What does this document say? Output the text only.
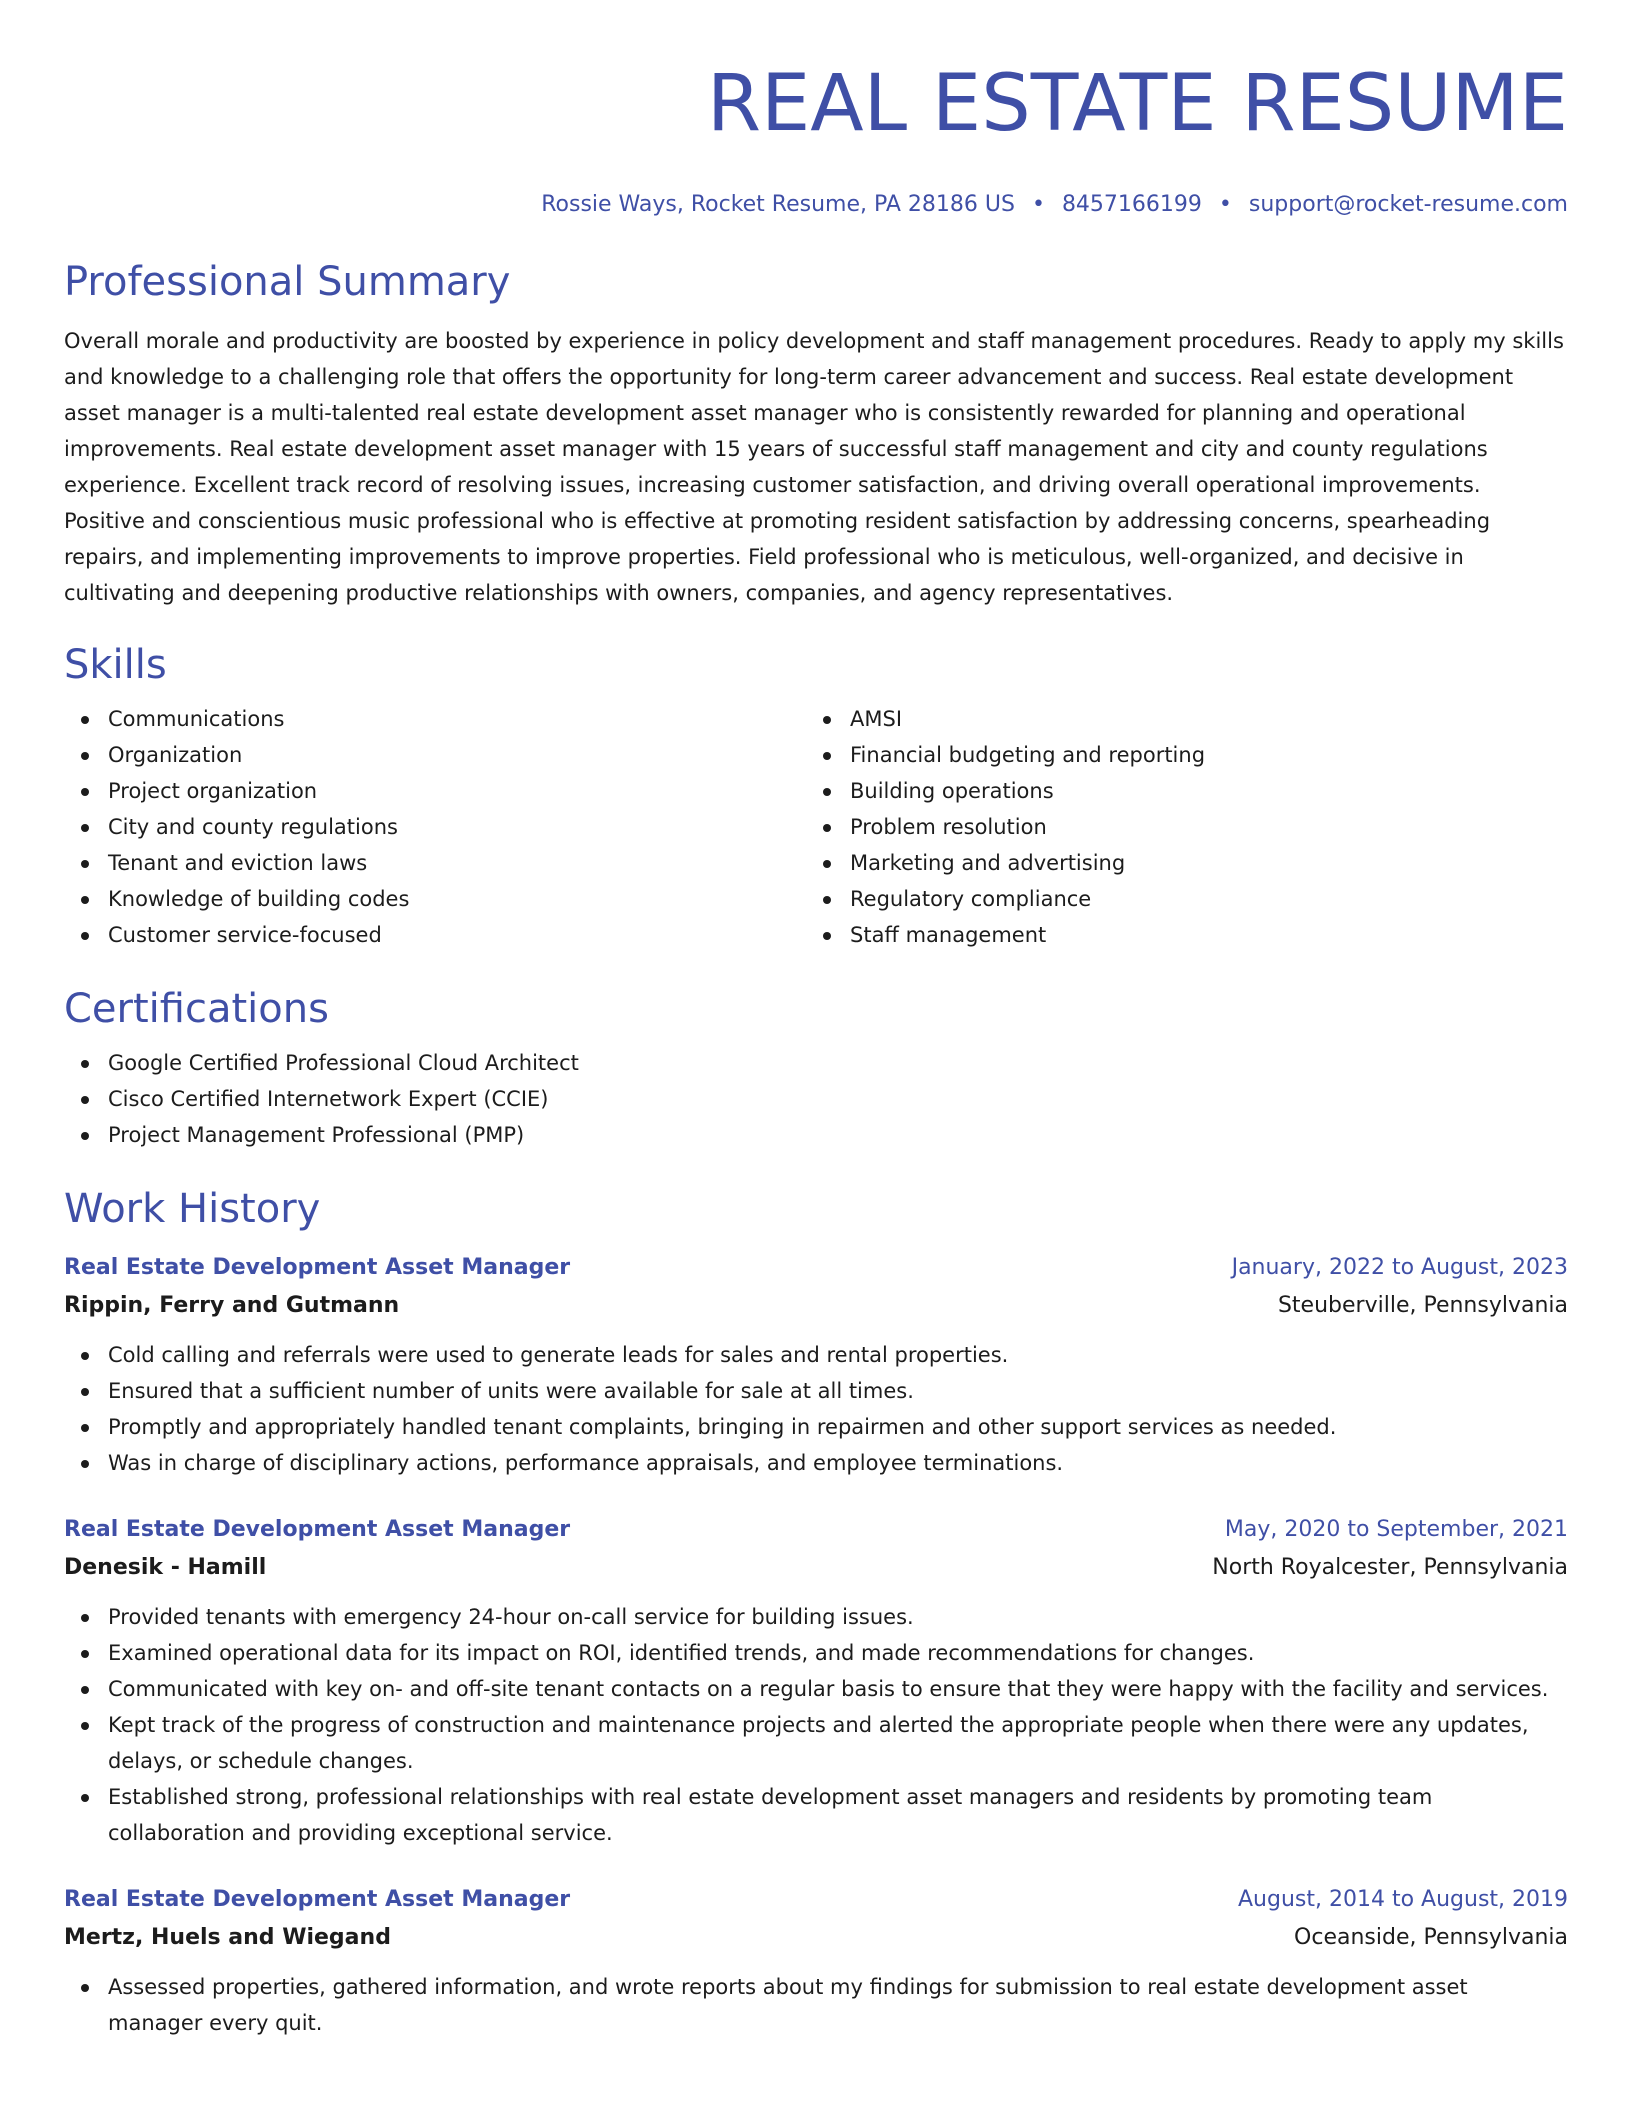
REAL ESTATE RESUME
Rossie Ways, Rocket Resume, PA 28186 US • 8457166199 • support@rocket-resume.com
Professional Summary

Overall morale and productivity are boosted by experience in policy development and staff management procedures. Ready to apply my skills and knowledge to a challenging role that offers the opportunity for long-term career advancement and success. Real estate development asset manager is a multi-talented real estate development asset manager who is consistently rewarded for planning and operational improvements. Real estate development asset manager with 15 years of successful staff management and city and county regulations experience. Excellent track record of resolving issues, increasing customer satisfaction, and driving overall operational improvements. Positive and conscientious music professional who is effective at promoting resident satisfaction by addressing concerns, spearheading repairs, and implementing improvements to improve properties. Field professional who is meticulous, well-organized, and decisive in cultivating and deepening productive relationships with owners, companies, and agency representatives.

Skills
Communications
Organization
Project organization
City and county regulations
Tenant and eviction laws
Knowledge of building codes
Customer service-focused
AMSI
Financial budgeting and reporting
Building operations
Problem resolution
Marketing and advertising
Regulatory compliance
Staff management
Certifications
Google Certified Professional Cloud Architect
Cisco Certified Internetwork Expert (CCIE)
Project Management Professional (PMP)
Work History
Real Estate Development Asset Manager	January, 2022 to August, 2023
Rippin, Ferry and Gutmann	Steuberville, Pennsylvania
Cold calling and referrals were used to generate leads for sales and rental properties.
Ensured that a sufficient number of units were available for sale at all times.
Promptly and appropriately handled tenant complaints, bringing in repairmen and other support services as needed.
Was in charge of disciplinary actions, performance appraisals, and employee terminations.
Real Estate Development Asset Manager	May, 2020 to September, 2021
Denesik - Hamill	North Royalcester, Pennsylvania
Provided tenants with emergency 24-hour on-call service for building issues.
Examined operational data for its impact on ROI, identified trends, and made recommendations for changes.
Communicated with key on- and off-site tenant contacts on a regular basis to ensure that they were happy with the facility and services.
Kept track of the progress of construction and maintenance projects and alerted the appropriate people when there were any updates, delays, or schedule changes.
Established strong, professional relationships with real estate development asset managers and residents by promoting team collaboration and providing exceptional service.
Real Estate Development Asset Manager	August, 2014 to August, 2019
Mertz, Huels and Wiegand	Oceanside, Pennsylvania
Assessed properties, gathered information, and wrote reports about my findings for submission to real estate development asset manager every quit.
